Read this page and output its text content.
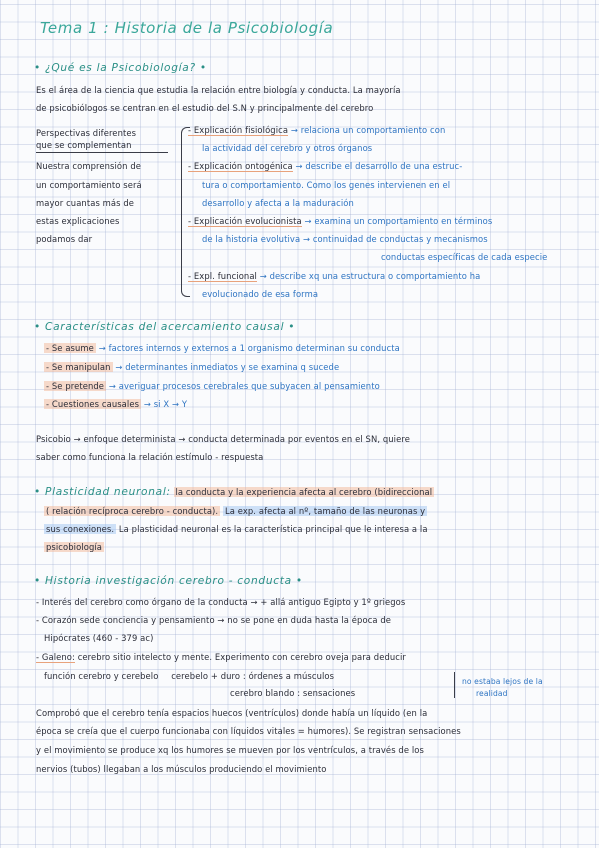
Tema 1 : Historia de la Psicobiología
• ¿Qué es la Psicobiología? •
Es el área de la ciencia que estudia la relación entre biología y conducta. La mayoría
de psicobiólogos se centran en el estudio del S.N y principalmente del cerebro
Perspectivas diferentes
que se complementan
Nuestra comprensión de
un comportamiento será
mayor cuantas más de
estas explicaciones
podamos dar
- Explicación fisiológica → relaciona un comportamiento con
la actividad del cerebro y otros órganos
- Explicación ontogénica → describe el desarrollo de una estruc-
tura o comportamiento. Como los genes intervienen en el
desarrollo y afecta a la maduración
- Explicación evolucionista → examina un comportamiento en términos
de la historia evolutiva → continuidad de conductas y mecanismos
conductas específicas de cada especie
- Expl. funcional → describe xq una estructura o comportamiento ha
evolucionado de esa forma
• Características del acercamiento causal •
- Se asume → factores internos y externos a 1 organismo determinan su conducta
- Se manipulan → determinantes inmediatos y se examina q sucede
- Se pretende → averiguar procesos cerebrales que subyacen al pensamiento
- Cuestiones causales → si X → Y
Psicobio → enfoque determinista → conducta determinada por eventos en el SN, quiere
saber como funciona la relación estímulo - respuesta
• Plasticidad neuronal: la conducta y la experiencia afecta al cerebro (bidireccional
( relación recíproca cerebro - conducta). La exp. afecta al nº, tamaño de las neuronas y
sus conexiones. La plasticidad neuronal es la característica principal que le interesa a la
psicobiología
• Historia investigación cerebro - conducta •
- Interés del cerebro como órgano de la conducta → + allá antiguo Egipto y 1º griegos
- Corazón sede conciencia y pensamiento → no se pone en duda hasta la época de
Hipócrates (460 - 379 ac)
- Galeno: cerebro sitio intelecto y mente. Experimento con cerebro oveja para deducir
función cerebro y cerebelo cerebelo + duro : órdenes a músculos
cerebro blando : sensaciones
no estaba lejos de la
realidad
Comprobó que el cerebro tenía espacios huecos (ventrículos) donde había un líquido (en la
época se creía que el cuerpo funcionaba con líquidos vitales = humores). Se registran sensaciones
y el movimiento se produce xq los humores se mueven por los ventrículos, a través de los
nervios (tubos) llegaban a los músculos produciendo el movimiento
